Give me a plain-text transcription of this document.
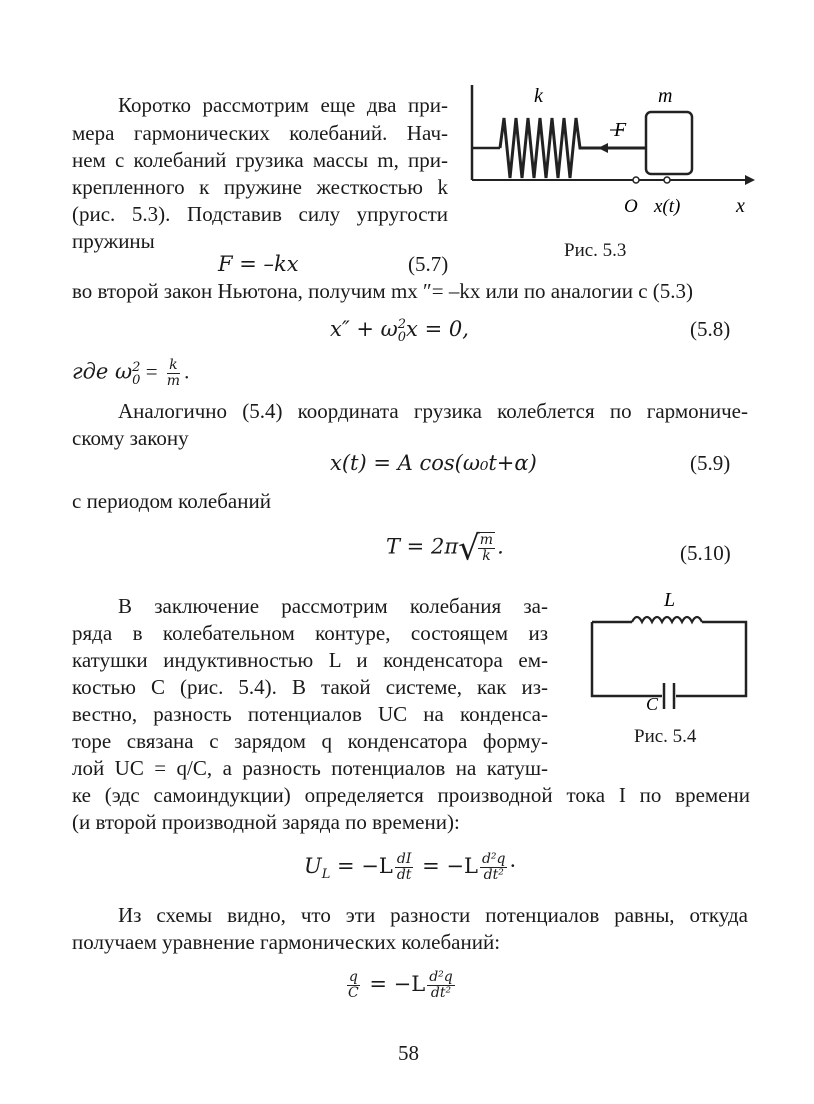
Коротко рассмотрим еще два при-
мера гармонических колебаний. Нач-
нем с колебаний грузика массы m, при-
крепленного к пружине жесткостью k
(рис. 5.3). Подставив силу упругости
пружины
F
k	m
O x(t)	x
Рис. 5.3
F = –kx	(5.7)
во второй закон Ньютона, получим mx ″= –kx или по аналогии с (5.3)
x″ + ω 2
0 x = 0,	(5.8)
где ω 2
$0 = \frac{k}{m}$ .
Аналогично (5.4) координата грузика колеблется по гармониче-
скому закону
x(t) = A cos(ω₀t+α)	(5.9)
с периодом колебаний
T = 2π√
$\frac{m}{k}$ .	(5.10)
В заключение рассмотрим колебания за-
ряда в колебательном контуре, состоящем из
катушки индуктивностью L и конденсатора ем-
костью C (рис. 5.4). В такой системе, как из-
вестно, разность потенциалов UC на конденса-
торе связана с зарядом q конденсатора форму-
лой UC = q/C, а разность потенциалов на катуш-
ке (эдс самоиндукции) определяется производной тока I по времени
(и второй производной заряда по времени):
L
C
Рис. 5.4
$U_L = -L \frac{dI}{dt} = -L \frac{\text{d²q}}{\text{dt²}}$ ·
Из схемы видно, что эти разности потенциалов равны, откуда
получаем уравнение гармонических колебаний:
$\frac{q}{C} = -L \frac{\text{d²q}}{\text{dt²}}$
58
